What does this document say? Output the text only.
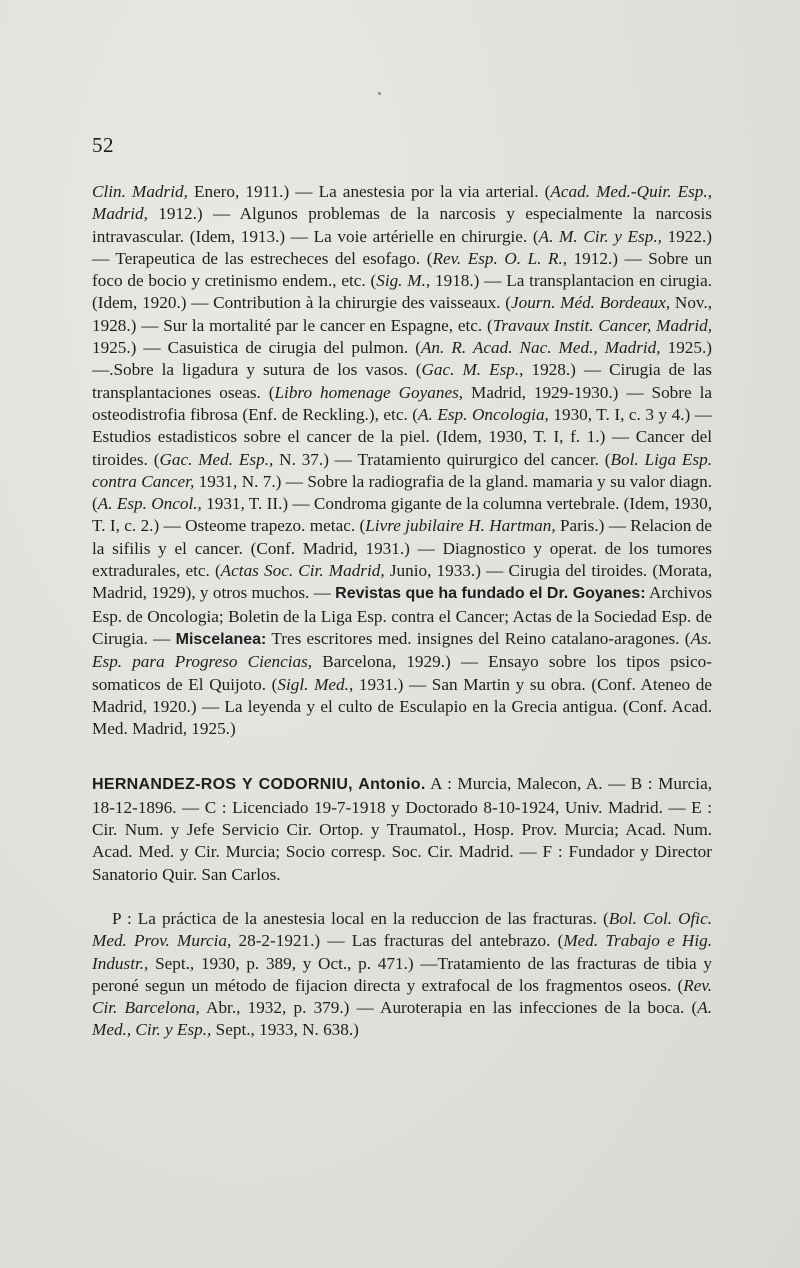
52

Clin. Madrid, Enero, 1911.) — La anestesia por la via arterial. (Acad. Med.-Quir. Esp., Madrid, 1912.) — Algunos problemas de la narcosis y especialmente la narcosis intravascular. (Idem, 1913.) — La voie artérielle en chirurgie. (A. M. Cir. y Esp., 1922.) — Terapeutica de las estrecheces del esofago. (Rev. Esp. O. L. R., 1912.) — Sobre un foco de bocio y cretinismo endem., etc. (Sig. M., 1918.) — La transplantacion en cirugia. (Idem, 1920.) — Contribution à la chirurgie des vaisseaux. (Journ. Méd. Bordeaux, Nov., 1928.) — Sur la mortalité par le cancer en Espagne, etc. (Travaux Instit. Cancer, Madrid, 1925.) — Casuistica de cirugia del pulmon. (An. R. Acad. Nac. Med., Madrid, 1925.) —.Sobre la ligadura y sutura de los vasos. (Gac. M. Esp., 1928.) — Cirugia de las transplantaciones oseas. (Libro homenage Goyanes, Madrid, 1929-1930.) — Sobre la osteodistrofia fibrosa (Enf. de Reckling.), etc. (A. Esp. Oncologia, 1930, T. I, c. 3 y 4.) — Estudios estadisticos sobre el cancer de la piel. (Idem, 1930, T. I, f. 1.) — Cancer del tiroides. (Gac. Med. Esp., N. 37.) — Tratamiento quirurgico del cancer. (Bol. Liga Esp. contra Cancer, 1931, N. 7.) — Sobre la radiografia de la gland. mamaria y su valor diagn. (A. Esp. Oncol., 1931, T. II.) — Condroma gigante de la columna vertebrale. (Idem, 1930, T. I, c. 2.) — Osteome trapezo. metac. (Livre jubilaire H. Hartman, Paris.) — Relacion de la sifilis y el cancer. (Conf. Madrid, 1931.) — Diagnostico y operat. de los tumores extradurales, etc. (Actas Soc. Cir. Madrid, Junio, 1933.) — Cirugia del tiroides. (Morata, Madrid, 1929), y otros muchos. — Revistas que ha fundado el Dr. Goyanes: Archivos Esp. de Oncologia; Boletin de la Liga Esp. contra el Cancer; Actas de la Sociedad Esp. de Cirugia. — Miscelanea: Tres escritores med. insignes del Reino catalano-aragones. (As. Esp. para Progreso Ciencias, Barcelona, 1929.) — Ensayo sobre los tipos psico-somaticos de El Quijoto. (Sigl. Med., 1931.) — San Martin y su obra. (Conf. Ateneo de Madrid, 1920.) — La leyenda y el culto de Esculapio en la Grecia antigua. (Conf. Acad. Med. Madrid, 1925.)

HERNANDEZ-ROS Y CODORNIU, Antonio. A : Murcia, Malecon, A. — B : Murcia, 18-12-1896. — C : Licenciado 19-7-1918 y Doctorado 8-10-1924, Univ. Madrid. — E : Cir. Num. y Jefe Servicio Cir. Ortop. y Traumatol., Hosp. Prov. Murcia; Acad. Num. Acad. Med. y Cir. Murcia; Socio corresp. Soc. Cir. Madrid. — F : Fundador y Director Sanatorio Quir. San Carlos.

P : La práctica de la anestesia local en la reduccion de las fracturas. (Bol. Col. Ofic. Med. Prov. Murcia, 28-2-1921.) — Las fracturas del antebrazo. (Med. Trabajo e Hig. Industr., Sept., 1930, p. 389, y Oct., p. 471.) —Tratamiento de las fracturas de tibia y peroné segun un método de fijacion directa y extrafocal de los fragmentos oseos. (Rev. Cir. Barcelona, Abr., 1932, p. 379.) — Auroterapia en las infecciones de la boca. (A. Med., Cir. y Esp., Sept., 1933, N. 638.)
